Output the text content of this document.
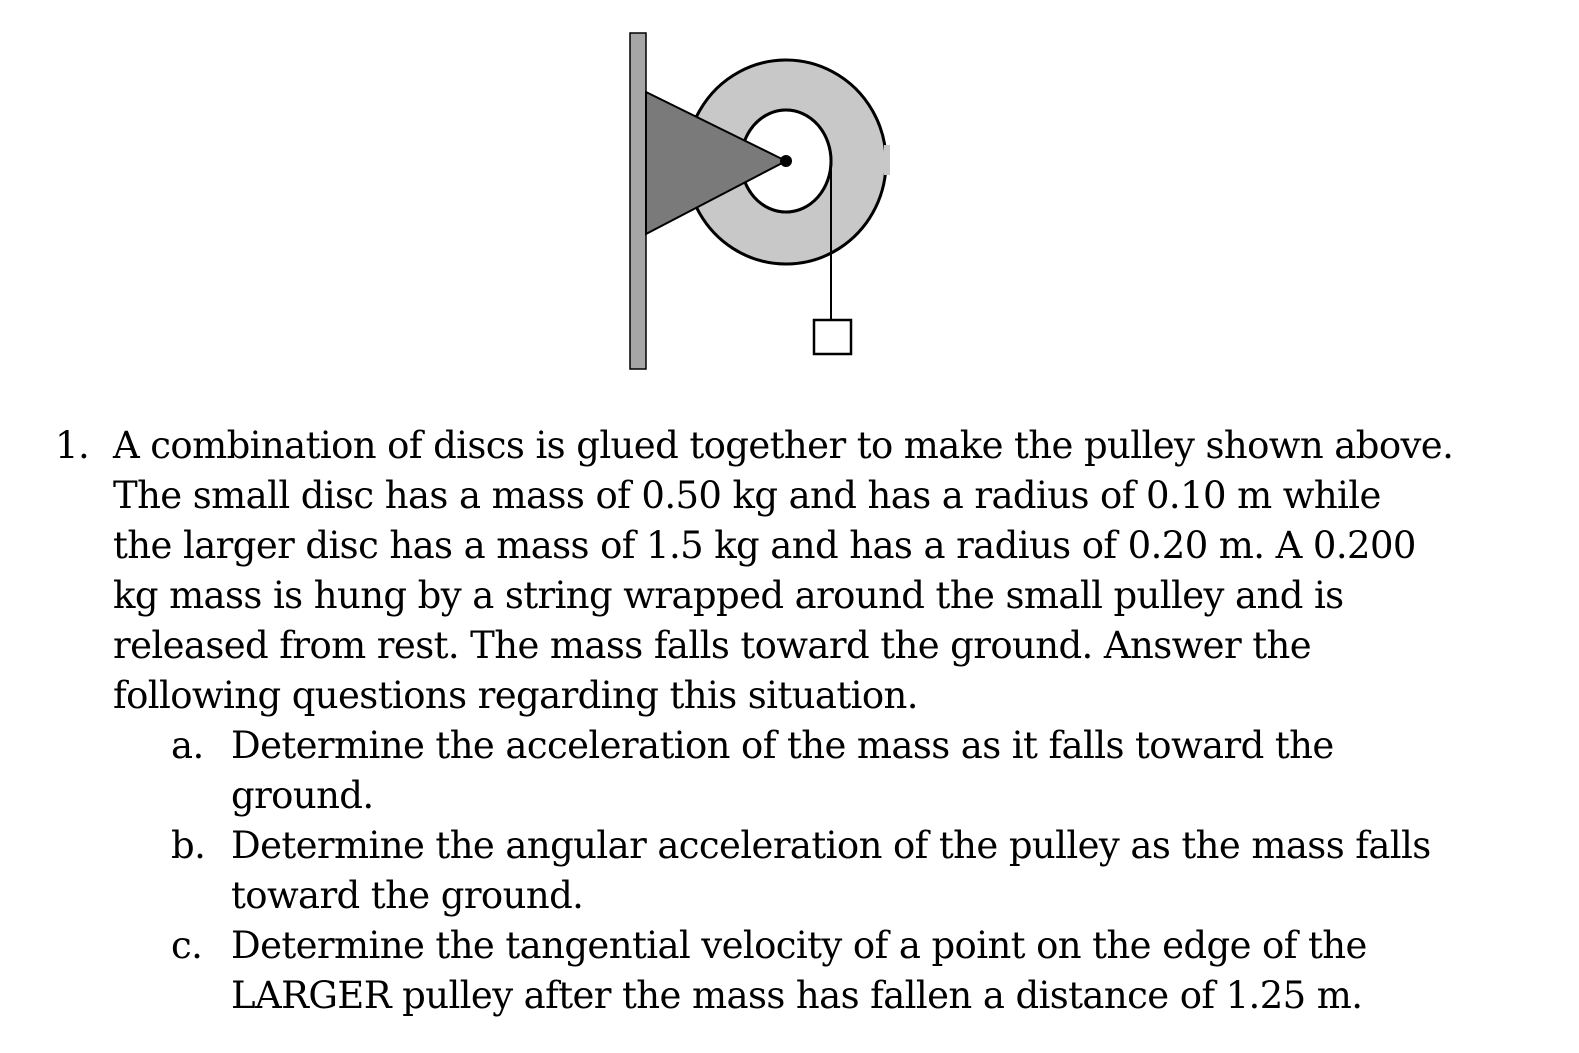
1. A combination of discs is glued together to make the pulley shown above.
The small disc has a mass of 0.50 kg and has a radius of 0.10 m while
the larger disc has a mass of 1.5 kg and has a radius of 0.20 m. A 0.200
kg mass is hung by a string wrapped around the small pulley and is
released from rest. The mass falls toward the ground. Answer the
following questions regarding this situation.
a. Determine the acceleration of the mass as it falls toward the
ground.
b. Determine the angular acceleration of the pulley as the mass falls
toward the ground.
c. Determine the tangential velocity of a point on the edge of the
LARGER pulley after the mass has fallen a distance of 1.25 m.
